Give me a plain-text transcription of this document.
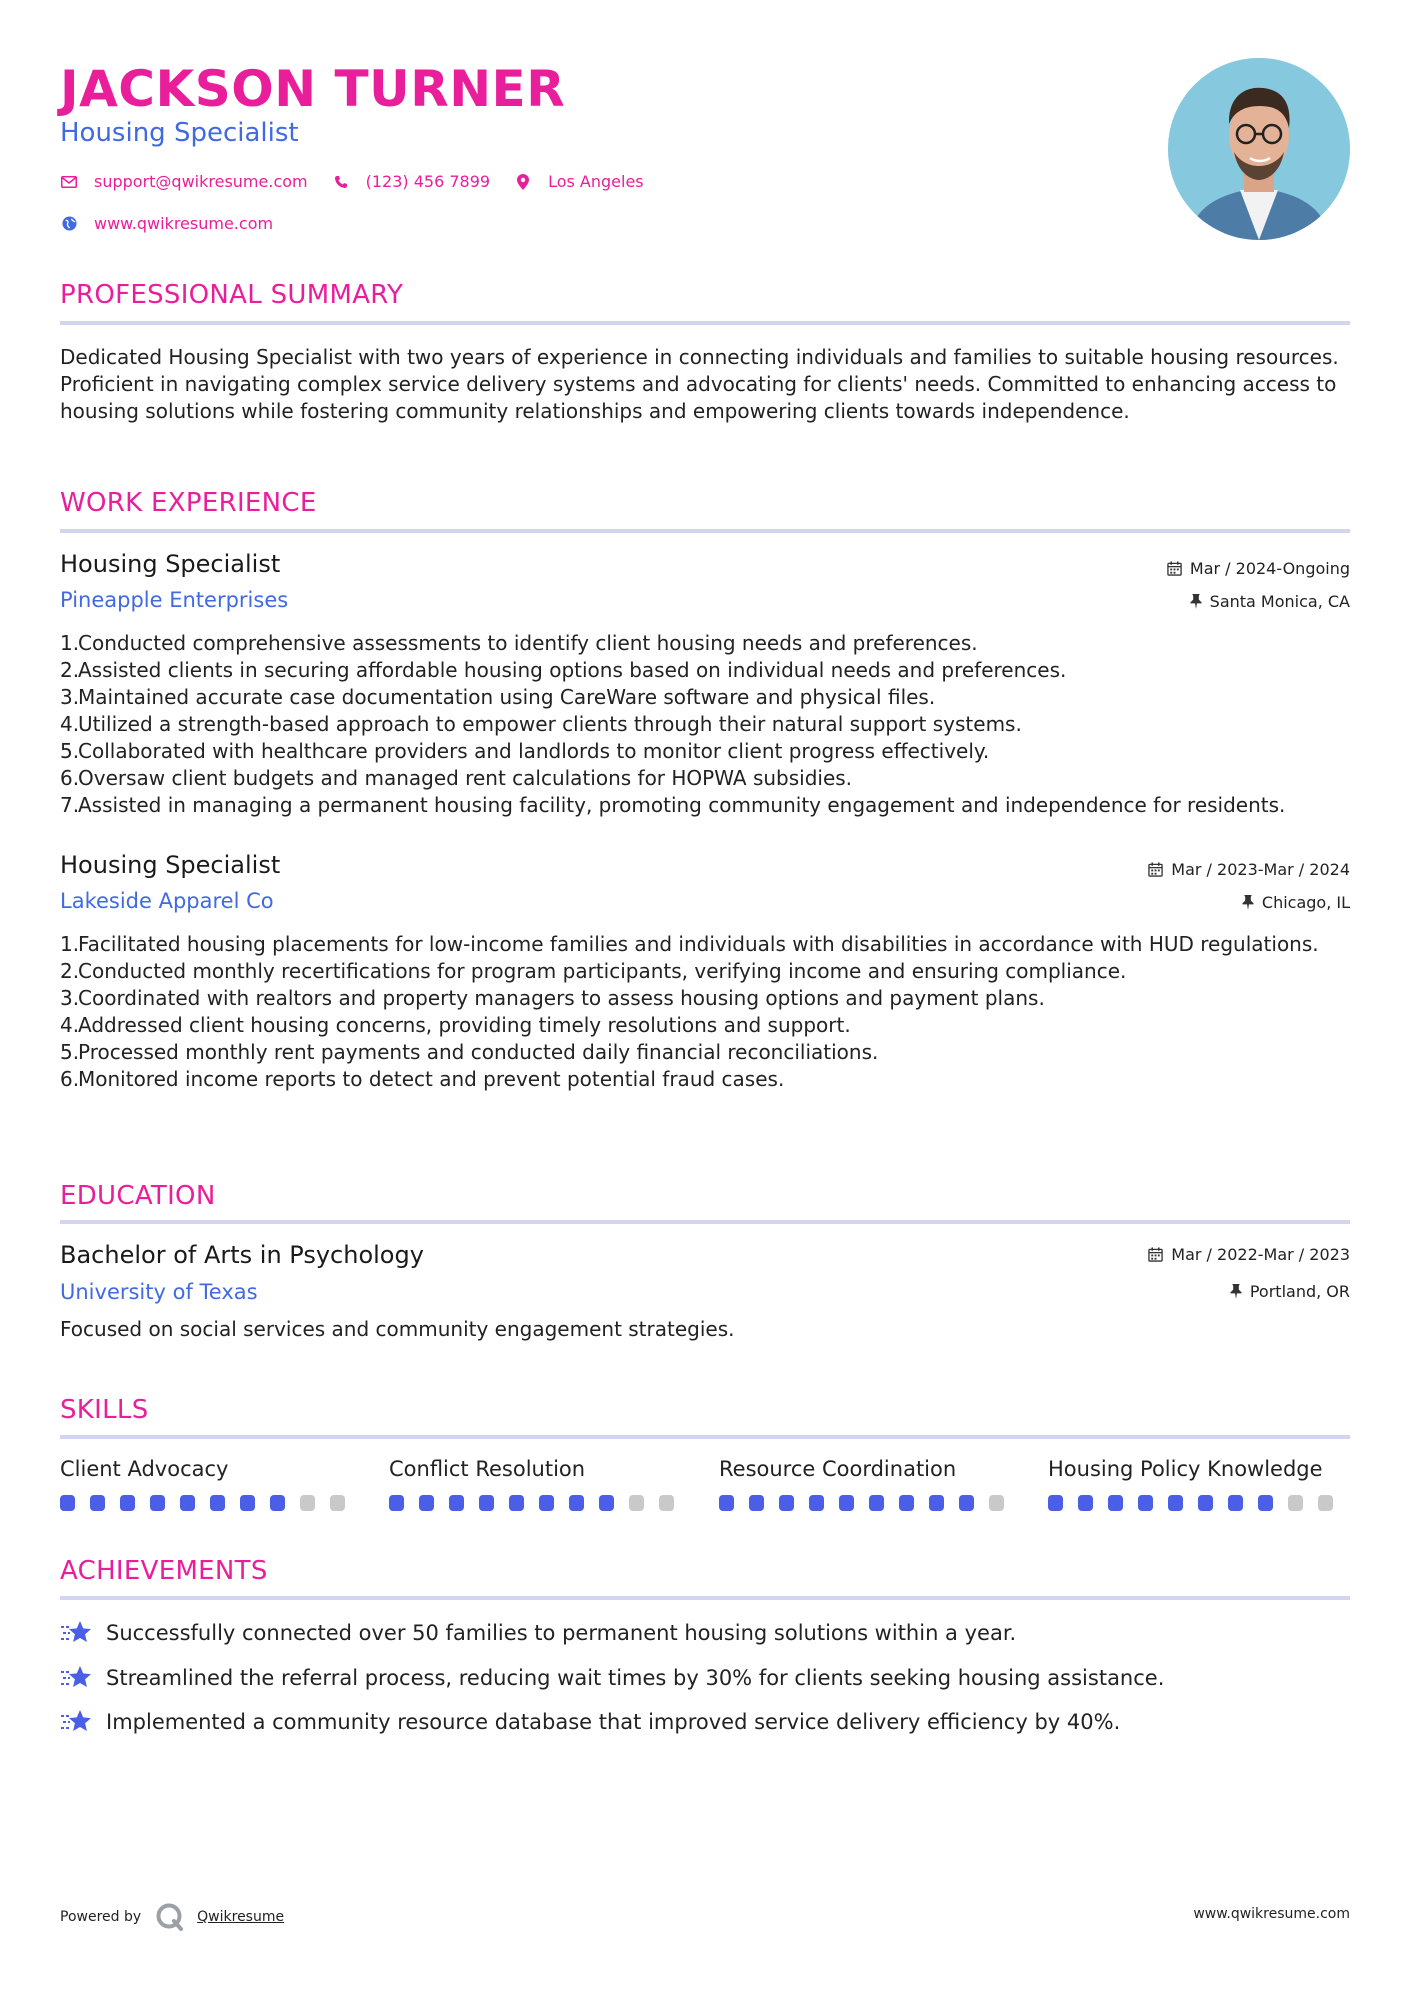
JACKSON TURNER
Housing Specialist
support@qwikresume.com	(123) 456 7899	Los Angeles
www.qwikresume.com
PROFESSIONAL SUMMARY
Dedicated Housing Specialist with two years of experience in connecting individuals and families to suitable housing resources. Proficient in navigating complex service delivery systems and advocating for clients' needs. Committed to enhancing access to housing solutions while fostering community relationships and empowering clients towards independence.
WORK EXPERIENCE
Housing Specialist	Mar / 2024-Ongoing
Pineapple Enterprises	Santa Monica, CA
1.
Conducted comprehensive assessments to identify client housing needs and preferences.
2.
Assisted clients in securing affordable housing options based on individual needs and preferences.
3.
Maintained accurate case documentation using CareWare software and physical files.
4.
Utilized a strength-based approach to empower clients through their natural support systems.
5.
Collaborated with healthcare providers and landlords to monitor client progress effectively.
6.
Oversaw client budgets and managed rent calculations for HOPWA subsidies.
7.
Assisted in managing a permanent housing facility, promoting community engagement and independence for residents.
Housing Specialist	Mar / 2023-Mar / 2024
Lakeside Apparel Co	Chicago, IL
1.
Facilitated housing placements for low-income families and individuals with disabilities in accordance with HUD regulations.
2.
Conducted monthly recertifications for program participants, verifying income and ensuring compliance.
3.
Coordinated with realtors and property managers to assess housing options and payment plans.
4.
Addressed client housing concerns, providing timely resolutions and support.
5.
Processed monthly rent payments and conducted daily financial reconciliations.
6.
Monitored income reports to detect and prevent potential fraud cases.
EDUCATION
Bachelor of Arts in Psychology	Mar / 2022-Mar / 2023
University of Texas	Portland, OR
Focused on social services and community engagement strategies.
SKILLS
Client Advocacy	Conflict Resolution	Resource Coordination	Housing Policy Knowledge
ACHIEVEMENTS
Successfully connected over 50 families to permanent housing solutions within a year.
Streamlined the referral process, reducing wait times by 30% for clients seeking housing assistance.
Implemented a community resource database that improved service delivery efficiency by 40%.
Powered by	Qwikresume	www.qwikresume.com
